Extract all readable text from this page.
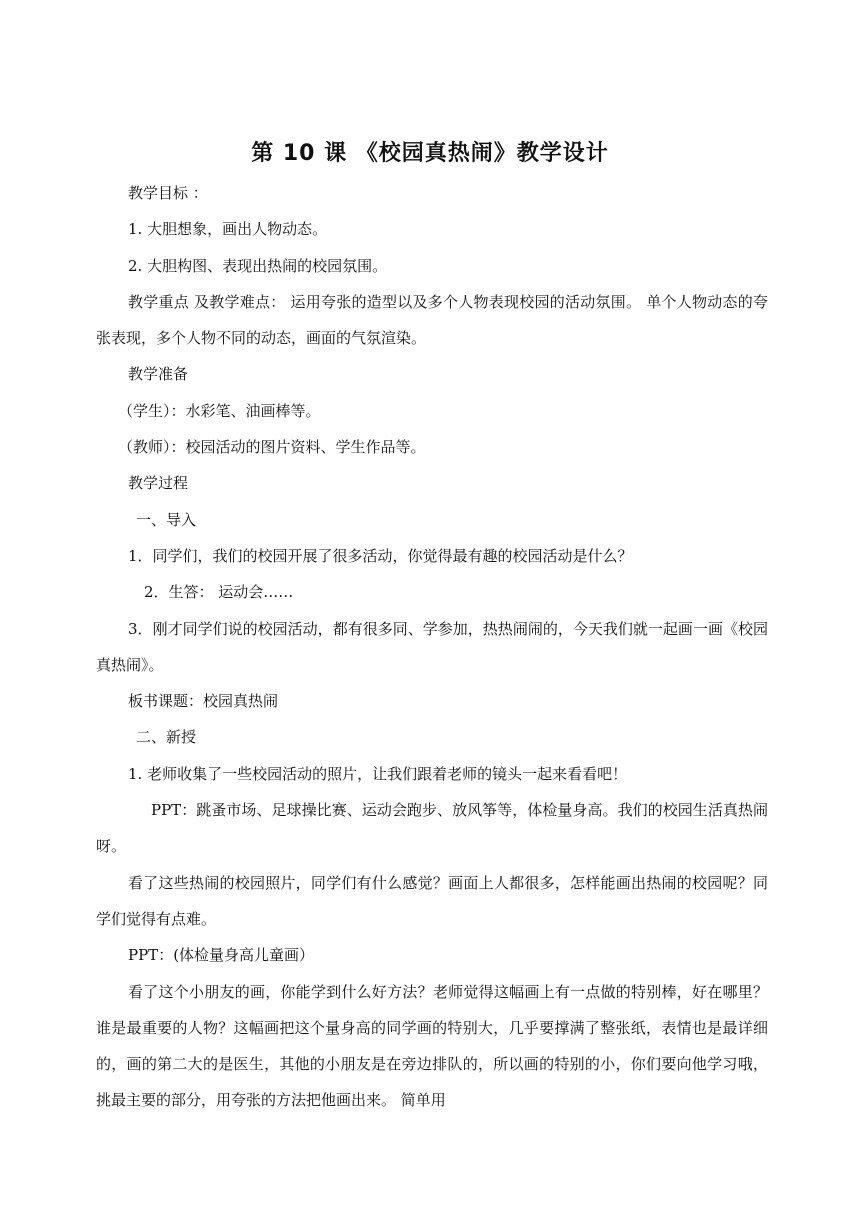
第 10 课 《校园真热闹》教学设计

教学目标 ：

1. 大胆想象，画出人物动态。

2. 大胆构图、表现出热闹的校园氛围。

教学重点 及教学难点： 运用夸张的造型以及多个人物表现校园的活动氛围。 单个人物动态的夸张表现，多个人物不同的动态，画面的气氛渲染。

教学准备

（学生）：水彩笔、油画棒等。

（教师）：校园活动的图片资料、学生作品等。

教学过程

一、导入

1．同学们，我们的校园开展了很多活动，你觉得最有趣的校园活动是什么？

2．生答： 运动会……

3．刚才同学们说的校园活动，都有很多同、学参加，热热闹闹的，今天我们就一起画一画《校园真热闹》。

板书课题：校园真热闹

二、新授

1. 老师收集了一些校园活动的照片，让我们跟着老师的镜头一起来看看吧！

PPT：跳蚤市场、足球操比赛、运动会跑步、放风筝等，体检量身高。我们的校园生活真热闹呀。

看了这些热闹的校园照片，同学们有什么感觉？画面上人都很多，怎样能画出热闹的校园呢？同学们觉得有点难。

PPT：(体检量身高儿童画）

看了这个小朋友的画，你能学到什么好方法？老师觉得这幅画上有一点做的特别棒，好在哪里？谁是最重要的人物？这幅画把这个量身高的同学画的特别大，几乎要撑满了整张纸，表情也是最详细的，画的第二大的是医生，其他的小朋友是在旁边排队的，所以画的特别的小，你们要向他学习哦，挑最主要的部分，用夸张的方法把他画出来。 简单用
